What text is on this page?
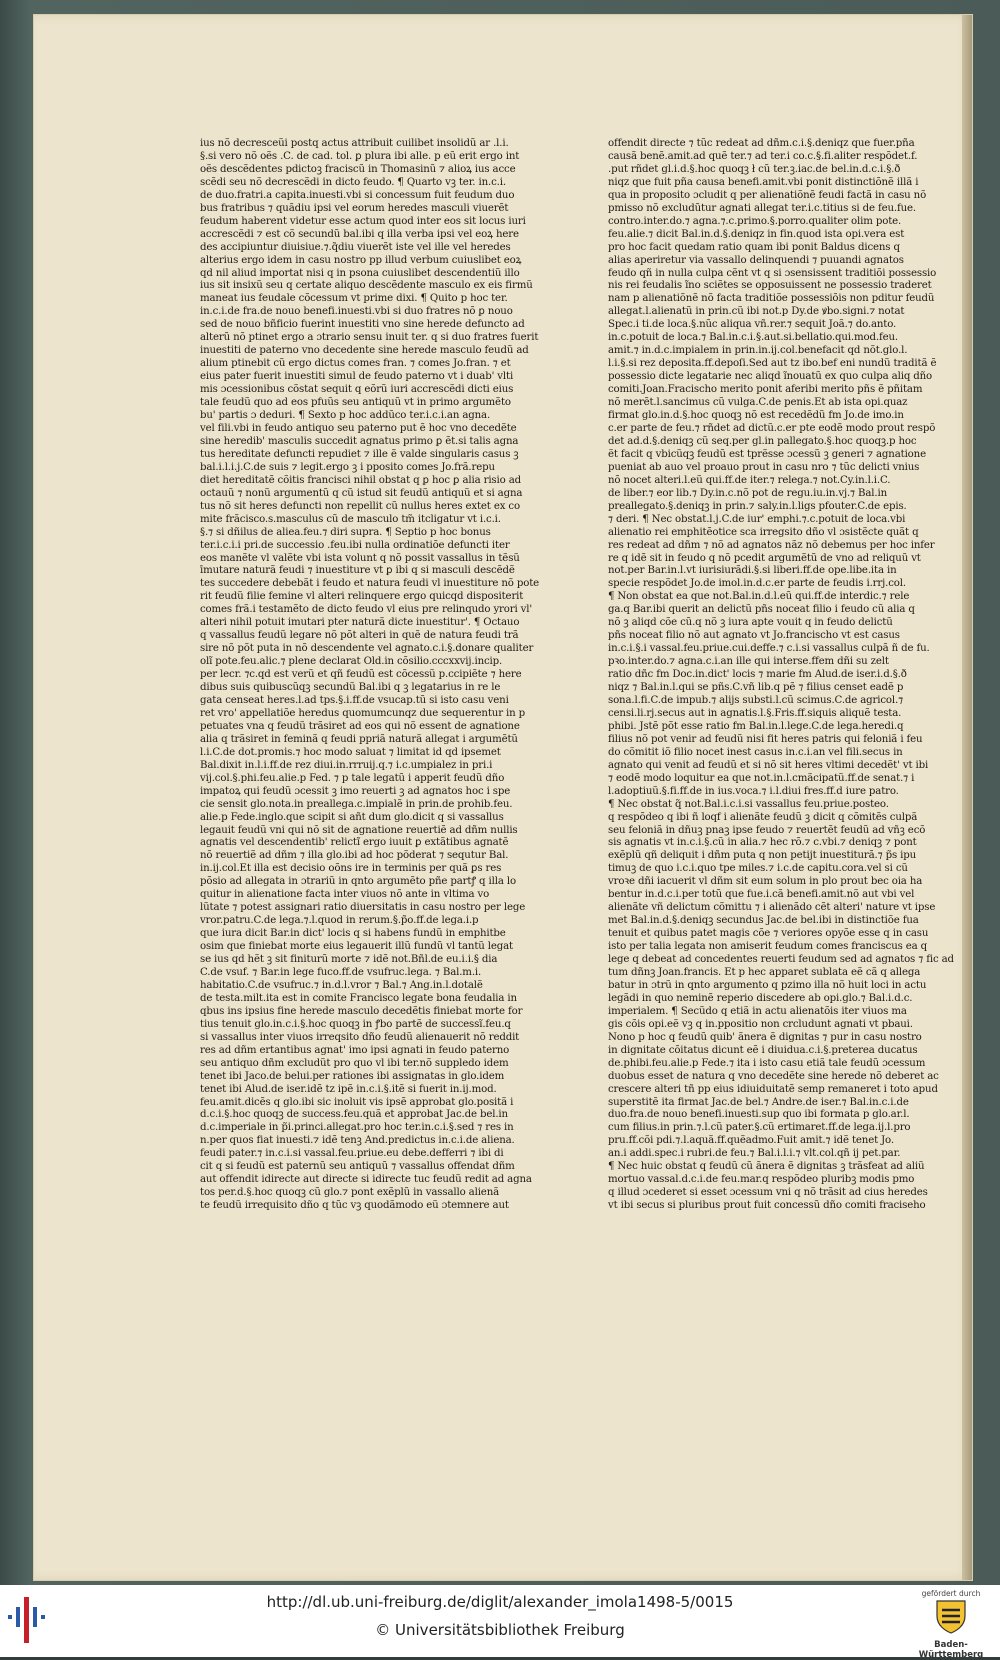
ius nõ decresceũi postq actus attribuit cuilibet insolidũ ar .l.i.

§.si vero nõ oẽs .C. de cad. tol. ꝑ plura ibi alle. p eũ erit ergo int

oẽs descẽdentes pdictoꝫ fraciscũ in Thomasinũ ⁊ alioꝝ ius acce

scẽdi seu nõ decrescẽdi in dicto feudo. ¶ Quarto vꝫ ter. in.c.i.

de duo.fratri.a capita.inuesti.vbi si concessum fuit feudum duo

bus fratribus ⁊ quãdiu ipsi vel eorum heredes masculi viuerẽt

feudum haberent videtur esse actum quod inter eos sit locus iuri

accrescẽdi ⁊ est cõ secundũ bal.ibi q illa verba ipsi vel eoꝝ here

des accipiuntur diuisiue.⁊.q̃diu viuerẽt iste vel ille vel heredes

alterius ergo idem in casu nostro pp illud verbum cuiuslibet eoꝝ

qd nil aliud importat nisi q in psona cuiuslibet descendentiũ illo

ius sit insixũ seu q certate aliquo descẽdente masculo ex eis firmũ

maneat ius feudale cõcessum vt prime dixi. ¶ Quito p hoc ter.

in.c.i.de fra.de nouo benefi.inuesti.vbi si duo fratres nõ ꝑ nouo

sed de nouo bñficio fuerint inuestiti vno sine herede defuncto ad

alterũ nõ ptinet ergo a ɔtrario sensu inuit ter. q si duo fratres fuerit

inuestiti de paterno vno decedente sine herede masculo feudũ ad

alium ptinebit cũ ergo dictus comes fran. ⁊ comes Jo.fran. ⁊ et

eius pater fuerit inuestiti simul de feudo paterno vt i duab' vlti

mis ɔcessionibus cõstat sequit q eõrũ iuri accrescẽdi dicti eius

tale feudũ quo ad eos pfuũs seu antiquũ vt in primo argumẽto

bu' partis ɔ deduri. ¶ Sexto p hoc addũco ter.i.c.i.an agna.

vel fili.vbi in feudo antiquo seu paterno put ẽ hoc vno decedẽte

sine heredib' masculis succedit agnatus primo ꝑ ẽt.si talis agna

tus hereditate defuncti repudiet ⁊ ille ẽ valde singularis casus ꝫ

bal.i.l.i.j.C.de suis ⁊ legit.ergo ꝫ i pposito comes Jo.frã.repu

diet hereditatẽ cõitis francisci nihil obstat q ꝑ hoc ꝑ alia risio ad

octauũ ⁊ nonũ argumentũ q cũ istud sit feudũ antiquũ et si agna

tus nõ sit heres defuncti non repellit cũ nullus heres extet ex co

mite frãcisco.s.masculus cũ de masculo tm̃ itcligatur vt i.c.i.

§.⁊ si dñilus de aliea.feu.⁊ diri supra. ¶ Septio p hoc bonus

ter.i.c.i.i pri.de successio .feu.ibi nulla ordinatiõe defuncti iter

eos manẽte vl valẽte vbi ista volunt q nõ possit vassallus in tẽsũ

īmutare naturã feudi ⁊ inuestiture vt ꝑ ibi q si masculi descẽdẽ

tes succedere debebãt i feudo et natura feudi vl inuestiture nõ pote

rit feudũ filie femine vl alteri relinquere ergo quicqd dispositerit

comes frã.i testamẽto de dicto feudo vl eius pre relinqudo yrori vl'

alteri nihil potuit imutari pter naturã dicte inuestitur'. ¶ Octauo

q vassallus feudũ legare nõ põt alteri in quẽ de natura feudi trã

sire nõ põt puta in nõ descendente vel agnato.c.i.§.donare qualiter

olĩ pote.feu.alic.⁊ plene declarat Old.in cõsilio.cccxxvij.incip.

per lecr. ⁊c.qd est verũ et qñ feudũ est cõcessũ p.ccipiẽte ⁊ here

dibus suis quibuscũqꝫ secundũ Bal.ibi q ꝫ legatarius in re le

gata censeat heres.l.ad tps.§.i.ff.de vsucap.tũ si isto casu veni

ret vro' appellatiõe heredus quomumcunqz due sequerentur in p

petuates vna q feudũ trãsiret ad eos qui nõ essent de agnatione

alia q trãsiret in feminã q feudi ppriã naturã allegat i argumẽtũ

l.i.C.de dot.promis.⁊ hoc modo saluat ⁊ limitat id qd ipsemet

Bal.dixit in.l.i.ff.de rez diui.in.rrruij.q.⁊ i.c.umpialez in pri.i

vij.col.§.phi.feu.alie.p Fed. ⁊ p tale legatũ i apperit feudũ dño

impatoꝝ qui feudũ ɔcessit ꝫ imo reuerti ꝫ ad agnatos hoc i spe

cie sensit glo.nota.in preallega.c.impialẽ in prin.de prohib.feu.

alie.p Fede.inglo.que scipit si añt dum glo.dicit q si vassallus

legauit feudũ vni qui nõ sit de agnatione reuertiẽ ad dñm nullis

agnatis vel descendentib' relictĩ ergo iuuit ꝑ extãtibus agnatẽ

nõ reuertiẽ ad dñm ⁊ illa glo.ibi ad hoc põderat ⁊ sequtur Bal.

in.ij.col.Et illa est decisio oõns ire in terminis per quã ꝑs res

põsio ad allegata in ɔtrariũ in qnto argumẽto pñe partꝭ q illa lo

quitur in alienatione facta inter viuos nõ ante in vltima vo

lũtate ⁊ potest assignari ratio diuersitatis in casu nostro per lege

vror.patru.C.de lega.⁊.l.quod in rerum.§.p̃o.ff.de lega.i.p

que iura dicit Bar.in dict' locis q si habens fundũ in emphitbe

osim que finiebat morte eius legauerit illũ fundũ vl tantũ legat

se ius qd hẽt ꝫ sit finiturũ morte ⁊ idẽ not.Bñl.de eu.i.i.§ dia

C.de vsuf. ⁊ Bar.in lege fuco.ff.de vsufruc.lega. ⁊ Bal.m.i.

habitatio.C.de vsufruc.⁊ in.d.l.vror ⁊ Bal.⁊ Ang.in.l.dotalẽ

de testa.milt.ita est in comite Francisco legate bona feudalia in

qbus ins ipsius fine herede masculo decedẽtis finiebat morte for

tius tenuit glo.in.c.i.§.hoc quoqꝫ in ꝭbo partẽ de successĩ.feu.q

si vassallus inter viuos irreqsito dño feudũ alienauerit nõ reddit

res ad dñm ertantibus agnat' imo ipsi agnati in feudo paterno

seu antiquo dñm excludũt pro quo vl ibi ter.nõ suppledo idem

tenet ibi Jaco.de belui.per rationes ibi assignatas in glo.idem

tenet ibi Alud.de iser.idẽ tz ipẽ in.c.i.§.itẽ si fuerit in.ij.mod.

feu.amit.dicẽs q glo.ibi sic inoluit vis ipsẽ approbat glo.positã i

d.c.i.§.hoc quoqꝫ de success.feu.quã et approbat Jac.de bel.in

d.c.imperiale in p̃i.princi.allegat.pro hoc ter.in.c.i.§.sed ⁊ res in

n.per quos fiat inuesti.⁊ idẽ tenꝫ And.predictus in.c.i.de aliena.

feudi pater.⁊ in.c.i.si vassal.feu.priue.eu debe.defferri ⁊ ibi di

cit q si feudũ est paternũ seu antiquũ ⁊ vassallus offendat dñm

aut offendit idirecte aut directe si idirecte tuc feudũ redit ad agna

tos per.d.§.hoc quoqꝫ cũ glo.⁊ pont exẽplũ in vassallo alienã

te feudũ irrequisito dño q tũc vꝫ quodãmodo eũ ɔtemnere aut

offendit directe ⁊ tũc redeat ad dñm.c.i.§.deniqz que fuer.pña

causã benẽ.amit.ad quẽ ter.⁊ ad ter.i co.c.§.fi.aliter respõdet.f.

.put rñdet gl.i.d.§.hoc quoqꝫ ł cũ ter.ꝫ.iac.de bel.in.d.c.i.§.ð

niqz que fuit pña causa benefi.amit.vbi ponit distinctiõnẽ illã i

qua in proposito ɔcludit q per alienatiõnẽ feudi factã in casu nõ

pmisso nõ excludũtur agnati allegat ter.i.c.titius si de feu.fue.

contro.inter.do.⁊ agna.⁊.c.primo.§.porro.qualiter olim pote.

feu.alie.⁊ dicit Bal.in.d.§.deniqz in fin.quod ista opi.vera est

pro hoc facit quedam ratio quam ibi ponit Baldus dicens q

alias aperiretur via vassallo delinquendi ⁊ puuandi agnatos

feudo qñ in nulla culpa cẽnt vt q si ɔsensissent traditiõi possessio

nis rei feudalis ĩno sciẽtes se opposuissent ne possessio traderet

nam p alienatiõnẽ nõ facta traditiõe possessiõis non pditur feudũ

allegat.l.alienatũ in prin.cũ ibi not.p Dy.de ꝟbo.signi.⁊ notat

Spec.i ti.de loca.§.nũc aliqua vñ.rer.⁊ sequit Joã.⁊ do.anto.

in.c.potuit de loca.⁊ Bal.in.c.i.§.aut.si.bellatio.qui.mod.feu.

amit.⁊ in.d.c.impialem in prin.in.ij.col.benefacit qd nõt.glo.l.

l.i.§.si rez deposita.ff.depoſi.Sed aut tz ibo.bef eni nundũ traditã ẽ

possessio dicte legatarie nec aliqd ĩnouatũ ex quo culpa aliq dño

comiti.Joan.Fracischo merito ponit aferibi merito pñs ẽ pñitam

nõ merẽt.l.sancimus cũ vulga.C.de penis.Et ab ista opi.quaz

firmat glo.in.d.§.hoc quoqꝫ nõ est recedẽdũ fm Jo.de imo.in

c.er parte de feu.⁊ rñdet ad dictũ.c.er pte eodẽ modo prout respõ

det ad.d.§.deniqꝫ cũ seq.per gl.in pallegato.§.hoc quoqꝫ.p hoc

ẽt facit q vbicũqꝫ feudũ est tprẽsse ɔcessũ ꝫ generi ⁊ agnatione

pueniat ab auo vel proauo prout in casu nro ⁊ tũc delicti vnius

nõ nocet alteri.l.eũ qui.ff.de iter.⁊ relega.⁊ not.Cy.in.l.i.C.

de liber.⁊ eor lib.⁊ Dy.in.c.nõ pot de regu.iu.in.vj.⁊ Bal.in

preallegato.§.deniqꝫ in prin.⁊ saly.in.l.ligs pfouter.C.de epis.

⁊ deri. ¶ Nec obstat.l.j.C.de iur' emphi.⁊.c.potuit de loca.vbi

alienatio rei emphitẽotice sca irregsito dño vl ɔsistẽcte quãt q

res redeat ad dñm ⁊ nõ ad agnatos nãz nõ debemus per hoc infer

re q idẽ sit in feudo q nõ pcedit argumẽtũ de vno ad reliquũ vt

not.per Bar.in.l.vt iurisiurãdi.§.si liberi.ff.de ope.libe.ita in

specie respõdet Jo.de imol.in.d.c.er parte de feudis i.rrj.col.

¶ Non obstat ea que not.Bal.in.d.l.eũ qui.ff.de interdic.⁊ rele

ga.q Bar.ibi querit an delictũ pñs noceat filio i feudo cũ alia q

nõ ꝫ aliqd cõe cũ.q nõ ꝫ iura apte vouit q in feudo delictũ

pñs noceat filio nõ aut agnato vt Jo.francischo vt est casus

in.c.i.§.i vassal.feu.priue.cui.deffe.⁊ c.i.si vassallus culpã ñ de fu.

pꝛo.inter.do.⁊ agna.c.i.an ille qui interse.ffem dñi su zelt

ratio dñc fm Doc.in.dict' locis ⁊ marie fm Alud.de iser.i.d.§.ð

niqz ⁊ Bal.in.l.qui se pñs.C.vñ lib.q pẽ ⁊ filius censet eadẽ p

sona.l.fi.C.de impub.⁊ alijs substi.l.cũ scimus.C.de agricol.⁊

censi.li.rj.secus aut in agnatis.l.§.Fris.ff.siquis aliquẽ testa.

phibi. Jstẽ põt esse ratio fm Bal.in.l.lege.C.de lega.heredi.q

filius nõ pot venir ad feudũ nisi fit heres patris qui feloniã i feu

do cõmitit iõ filio nocet inest casus in.c.i.an vel fili.secus in

agnato qui venit ad feudũ et si nõ sit heres vltimi decedẽt' vt ibi

⁊ eodẽ modo loquitur ea que not.in.l.cmãcipatũ.ff.de senat.⁊ i

l.adoptiuũ.§.fi.ff.de in ius.voca.⁊ i.l.diui fres.ff.d iure patro.

¶ Nec obstat q̃ not.Bal.i.c.i.si vassallus feu.priue.posteo.

q respõdeo q ibi ñ loqf i alienãte feudũ ꝫ dicit q cõmitẽs culpã

seu feloniã in dñuꝫ pnaꝫ ipse feudo ⁊ reuertẽt feudũ ad vñꝫ ecõ

sis agnatis vt in.c.i.§.cũ in alia.⁊ hec rõ.⁊ c.vbi.⁊ deniqꝫ ⁊ pont

exẽplũ qñ deliquit i dñm puta q non petijt inuestiturã.⁊ p̃s ipu

timuꝫ de quo i.c.i.quo tpe miles.⁊ i.c.de capitu.cora.vel si cũ

vroꝛe dñi iacuerit vl dñm sit eum solum in pl̃o prout bec oia ha

bentur in.d.c.i.per totũ que fue.i.cã benefi.amit.nõ aut vbi vel

alienãte vñ delictum cõmittu ⁊ i alienãdo cẽt alteri' nature vt ipse

met Bal.in.d.§.deniqꝫ secundus Jac.de bel.ibi in distinctiõe fua

tenuit et quibus patet magis cõe ⁊ veriores opyõe esse q in casu

isto per talia legata non amiserit feudum comes franciscus ea q

lege q debeat ad concedentes reuerti feudum sed ad agnatos ⁊ fic ad

tum dñnꝫ Joan.francis. Et p hec apparet sublata eẽ cã q allega

batur in ɔtrũ in qnto argumento q pzimo illa nõ huit loci in actu

legãdi in quo neminẽ reperio discedere ab opi.glo.⁊ Bal.i.d.c.

imperialem. ¶ Secũdo q etiã in actu alienatõis iter viuos ma

gis cõis opi.eẽ vꝫ q in.ppositio non crcludunt agnati vt pbaui.

Nono p hoc q feudũ quib' ãnera ẽ dignitas ⁊ pur in casu nostro

in dignitate cõitatus dicunt eẽ i diuidua.c.i.§.preterea ducatus

de.phibi.feu.alie.p Fede.⁊ ita i isto casu etiã tale feudũ ɔcessum

duobus esset de natura q vno decedẽte sine herede nõ deberet ac

crescere alteri tñ pp eius idiuiduitatẽ semp remaneret i toto apud

superstitẽ ita firmat Jac.de bel.⁊ Andre.de iser.⁊ Bal.in.c.i.de

duo.fra.de nouo benefi.inuesti.sup quo ibi formata p glo.ar.l.

cum filius.in prin.⁊.l.cũ pater.§.cũ ertimaret.ff.de lega.ij.l.pro

pru.ff.cõi pdi.⁊.l.aquã.ff.quẽadmo.Fuit amit.⁊ idẽ tenet Jo.

an.i addi.spec.i rubri.de feu.⁊ Bal.i.l.i.⁊ vlt.col.qñ ij pet.par.

¶ Nec huic obstat q feudũ cũ ãnera ẽ dignitas ꝫ trãsfeat ad aliũ

mortuo vassal.d.c.i.de feu.mar.q respõdeo pluribꝫ modis pmo

q illud ɔcederet si esset ɔcessum vni q nõ trãsit ad cius heredes

vt ibi secus si pluribus prout fuit concessũ dño comiti fraciseho

http://dl.ub.uni-freiburg.de/diglit/alexander_imola1498-5/0015
© Universitätsbibliothek Freiburg
gefördert durch
Baden-Württemberg
